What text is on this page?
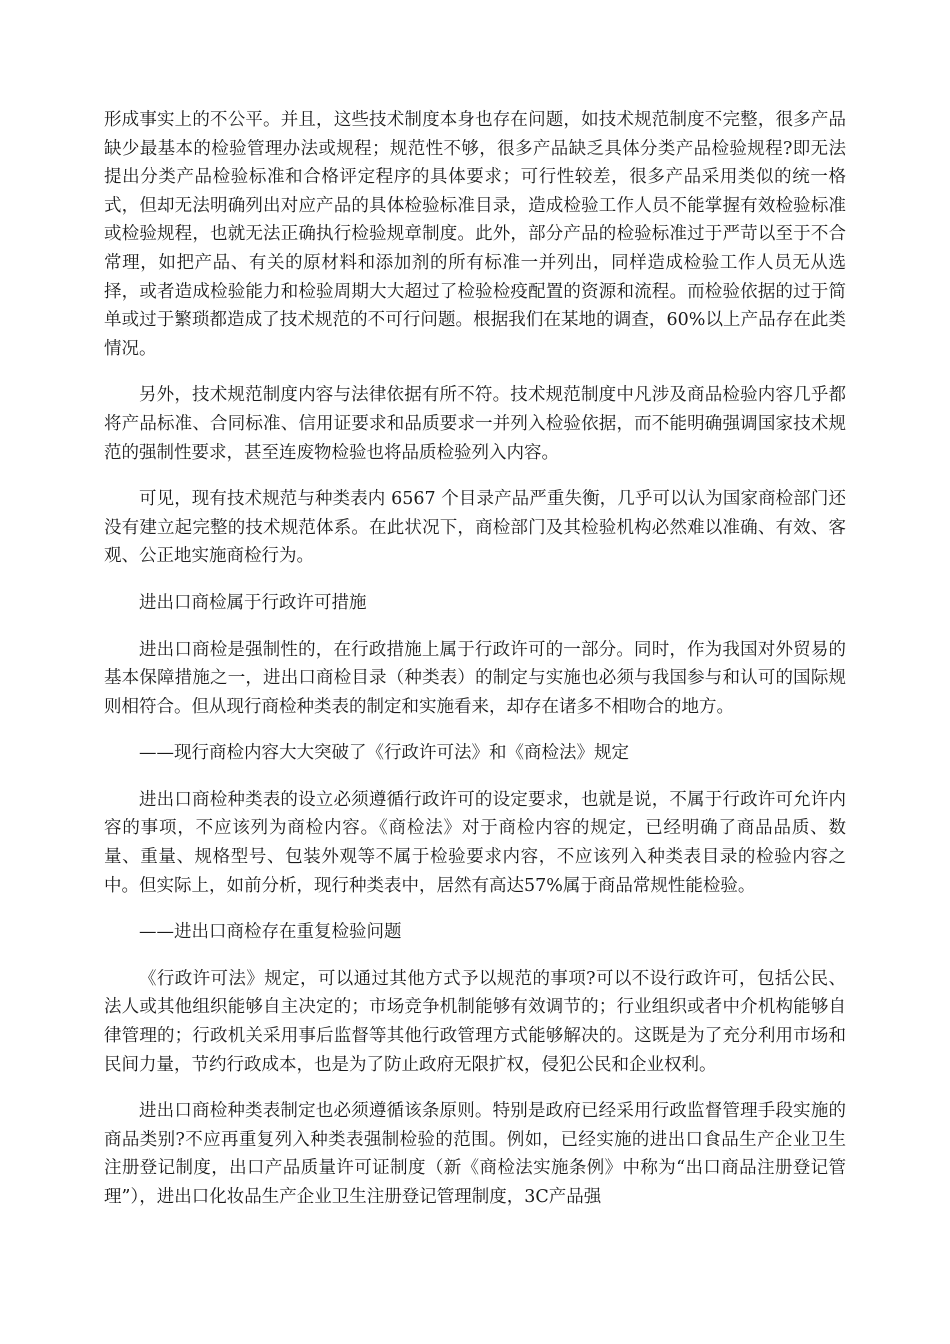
形成事实上的不公平。并且，这些技术制度本身也存在问题，如技术规范制度不完整，很多产品缺少最基本的检验管理办法或规程；规范性不够，很多产品缺乏具体分类产品检验规程?即无法提出分类产品检验标准和合格评定程序的具体要求；可行性较差，很多产品采用类似的统一格式，但却无法明确列出对应产品的具体检验标准目录，造成检验工作人员不能掌握有效检验标准或检验规程，也就无法正确执行检验规章制度。此外，部分产品的检验标准过于严苛以至于不合常理，如把产品、有关的原材料和添加剂的所有标准一并列出，同样造成检验工作人员无从选择，或者造成检验能力和检验周期大大超过了检验检疫配置的资源和流程。而检验依据的过于简单或过于繁琐都造成了技术规范的不可行问题。根据我们在某地的调查，60%以上产品存在此类情况。

另外，技术规范制度内容与法律依据有所不符。技术规范制度中凡涉及商品检验内容几乎都将产品标准、合同标准、信用证要求和品质要求一并列入检验依据，而不能明确强调国家技术规范的强制性要求，甚至连废物检验也将品质检验列入内容。

可见，现有技术规范与种类表内 6567 个目录产品严重失衡，几乎可以认为国家商检部门还没有建立起完整的技术规范体系。在此状况下，商检部门及其检验机构必然难以准确、有效、客观、公正地实施商检行为。

进出口商检属于行政许可措施

进出口商检是强制性的，在行政措施上属于行政许可的一部分。同时，作为我国对外贸易的基本保障措施之一，进出口商检目录（种类表）的制定与实施也必须与我国参与和认可的国际规则相符合。但从现行商检种类表的制定和实施看来，却存在诸多不相吻合的地方。

——现行商检内容大大突破了《行政许可法》和《商检法》规定

进出口商检种类表的设立必须遵循行政许可的设定要求，也就是说，不属于行政许可允许内容的事项，不应该列为商检内容。《商检法》对于商检内容的规定，已经明确了商品品质、数量、重量、规格型号、包装外观等不属于检验要求内容，不应该列入种类表目录的检验内容之中。但实际上，如前分析，现行种类表中，居然有高达57%属于商品常规性能检验。

——进出口商检存在重复检验问题

《行政许可法》规定，可以通过其他方式予以规范的事项?可以不设行政许可，包括公民、法人或其他组织能够自主决定的；市场竞争机制能够有效调节的；行业组织或者中介机构能够自律管理的；行政机关采用事后监督等其他行政管理方式能够解决的。这既是为了充分利用市场和民间力量，节约行政成本，也是为了防止政府无限扩权，侵犯公民和企业权利。

进出口商检种类表制定也必须遵循该条原则。特别是政府已经采用行政监督管理手段实施的商品类别?不应再重复列入种类表强制检验的范围。例如，已经实施的进出口食品生产企业卫生注册登记制度，出口产品质量许可证制度（新《商检法实施条例》中称为“出口商品注册登记管理”），进出口化妆品生产企业卫生注册登记管理制度，3C产品强
